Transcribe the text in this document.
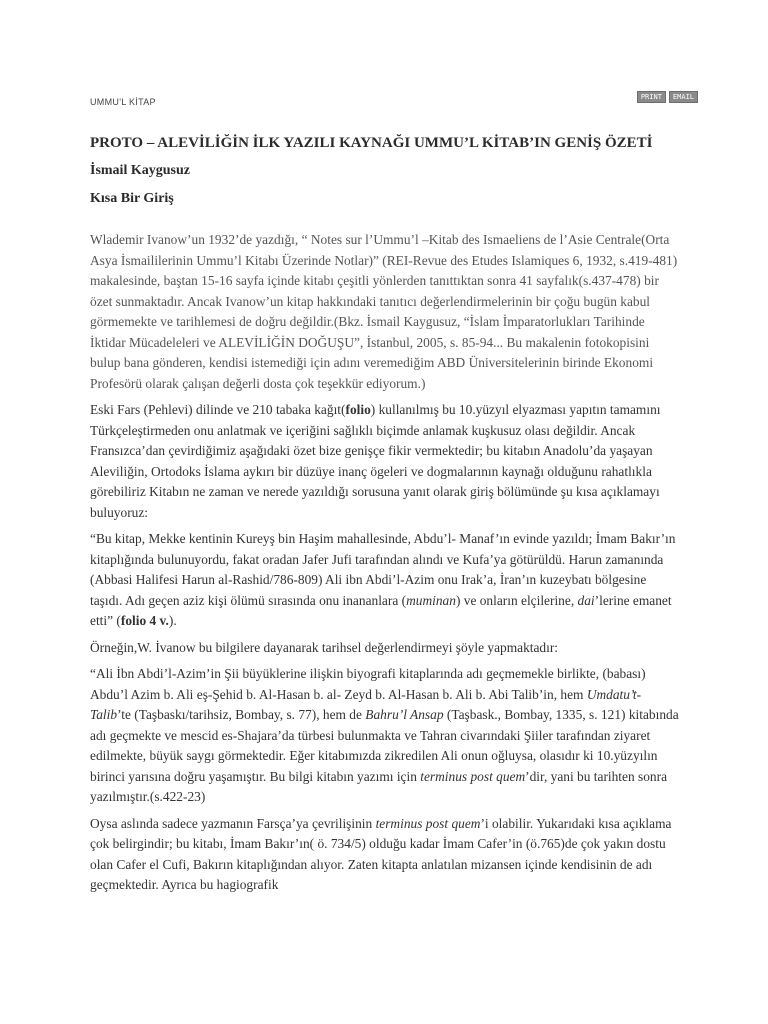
UMMU'L KİTAP	PRINT	EMAIL
PROTO – ALEVİLİĞİN İLK YAZILI KAYNAĞI UMMU’L KİTAB’IN GENİŞ ÖZETİ
İsmail Kaygusuz
Kısa Bir Giriş

Wlademir Ivanow’un 1932’de yazdığı, “ Notes sur l’Ummu’l –Kitab des Ismaeliens de l’Asie Centrale(Orta Asya İsmaililerinin Ummu’l Kitabı Üzerinde Notlar)” (REI-Revue des Etudes Islamiques 6, 1932, s.419-481) makalesinde, baştan 15-16 sayfa içinde kitabı çeşitli yönlerden tanıttıktan sonra 41 sayfalık(s.437-478) bir özet sunmaktadır. Ancak Ivanow’un kitap hakkındaki tanıtıcı değerlendirmelerinin bir çoğu bugün kabul görmemekte ve tarihlemesi de doğru değildir.(Bkz. İsmail Kaygusuz, “İslam İmparatorlukları Tarihinde İktidar Mücadeleleri ve ALEVİLİĞİN DOĞUŞU”, İstanbul, 2005, s. 85-94... Bu makalenin fotokopisini bulup bana gönderen, kendisi istemediği için adını veremediğim ABD Üniversitelerinin birinde Ekonomi Profesörü olarak çalışan değerli dosta çok teşekkür ediyorum.)

Eski Fars (Pehlevi) dilinde ve 210 tabaka kağıt(folio) kullanılmış bu 10.yüzyıl elyazması yapıtın tamamını Türkçeleştirmeden onu anlatmak ve içeriğini sağlıklı biçimde anlamak kuşkusuz olası değildir. Ancak Fransızca’dan çevirdiğimiz aşağıdaki özet bize genişçe fikir vermektedir; bu kitabın Anadolu’da yaşayan Aleviliğin, Ortodoks İslama aykırı bir düzüye inanç ögeleri ve dogmalarının kaynağı olduğunu rahatlıkla görebiliriz Kitabın ne zaman ve nerede yazıldığı sorusuna yanıt olarak giriş bölümünde şu kısa açıklamayı buluyoruz:

“Bu kitap, Mekke kentinin Kureyş bin Haşim mahallesinde, Abdu’l- Manaf’ın evinde yazıldı; İmam Bakır’ın kitaplığında bulunuyordu, fakat oradan Jafer Jufi tarafından alındı ve Kufa’ya götürüldü. Harun zamanında (Abbasi Halifesi Harun al-Rashid/786-809) Ali ibn Abdi’l-Azim onu Irak’a, İran’ın kuzeybatı bölgesine taşıdı. Adı geçen aziz kişi ölümü sırasında onu inananlara (muminan) ve onların elçilerine, dai’lerine emanet etti” (folio 4 v.).

Örneğin,W. İvanow bu bilgilere dayanarak tarihsel değerlendirmeyi şöyle yapmaktadır:

“Ali İbn Abdi’l-Azim’in Şii büyüklerine ilişkin biyografi kitaplarında adı geçmemekle birlikte, (babası) Abdu’l Azim b. Ali eş-Şehid b. Al-Hasan b. al- Zeyd b. Al-Hasan b. Ali b. Abi Talib’in, hem Umdatu’t-Talib’te (Taşbaskı/tarihsiz, Bombay, s. 77), hem de Bahru’l Ansap (Taşbask., Bombay, 1335, s. 121) kitabında adı geçmekte ve mescid es-Shajara’da türbesi bulunmakta ve Tahran civarındaki Şiiler tarafından ziyaret edilmekte, büyük saygı görmektedir. Eğer kitabımızda zikredilen Ali onun oğluysa, olasıdır ki 10.yüzyılın birinci yarısına doğru yaşamıştır. Bu bilgi kitabın yazımı için terminus post quem’dir, yani bu tarihten sonra yazılmıştır.(s.422-23)

Oysa aslında sadece yazmanın Farsça’ya çevrilişinin terminus post quem’i olabilir. Yukarıdaki kısa açıklama çok belirgindir; bu kitabı, İmam Bakır’ın( ö. 734/5) olduğu kadar İmam Cafer’in (ö.765)de çok yakın dostu olan Cafer el Cufi, Bakırın kitaplığından alıyor. Zaten kitapta anlatılan mizansen içinde kendisinin de adı geçmektedir. Ayrıca bu hagiografik
